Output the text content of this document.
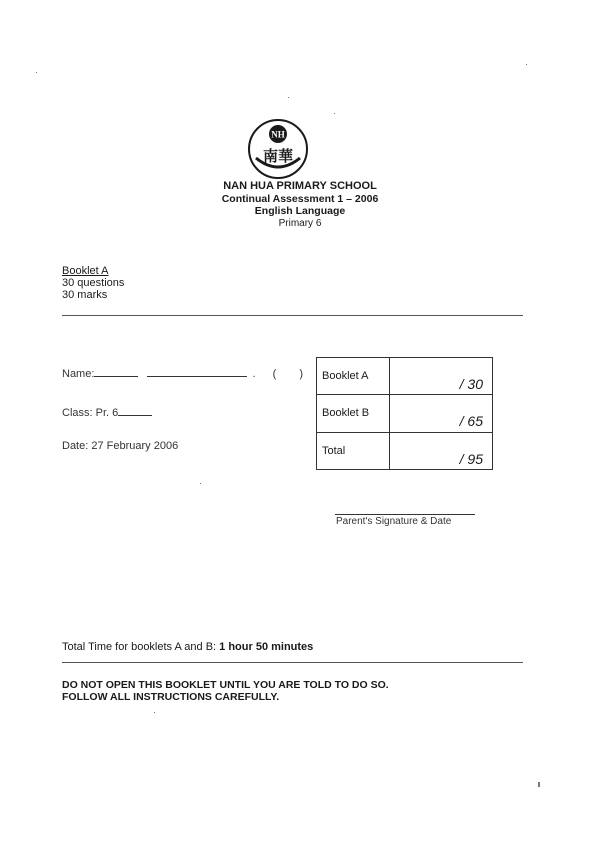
NH
南華
NAN HUA PRIMARY SCHOOL
Continual Assessment 1 – 2006
English Language
Primary 6
Booklet A
30 questions
30 marks
Name:	. ( )
Class: Pr. 6
Date: 27 February 2006
Booklet A	/ 30
Booklet B	/ 65
Total	/ 95
Parent's Signature & Date
Total Time for booklets A and B: 1 hour 50 minutes
DO NOT OPEN THIS BOOKLET UNTIL YOU ARE TOLD TO DO SO.
FOLLOW ALL INSTRUCTIONS CAREFULLY.
